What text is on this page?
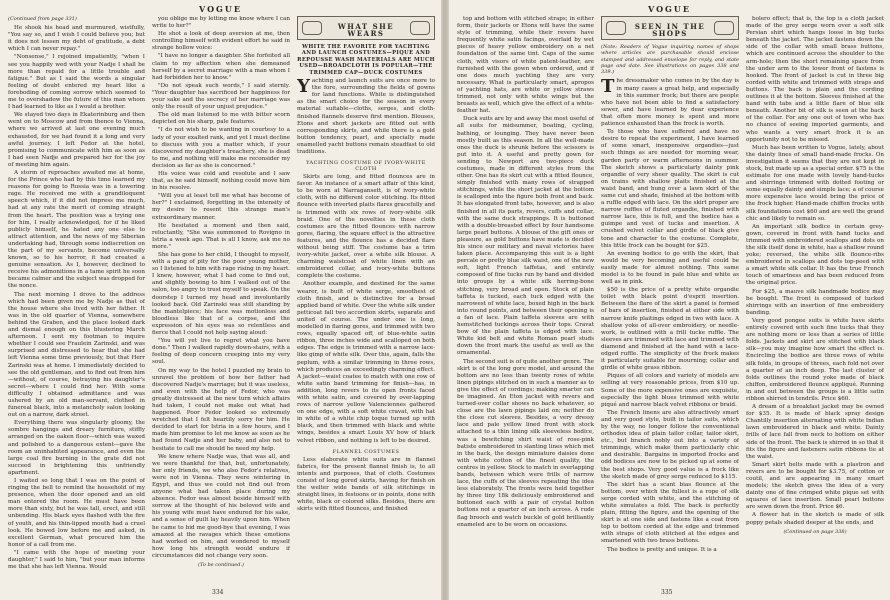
VOGUE
(Continued from page 331)

He shook his head and murmured, wistfully, "You say so, and I wish I could believe you; but it does not lessen my debt of gratitude, a debt which I can never repay."

"Nonsense," I rejoined impatiently, "when I see you happily wed with your Nadje I shall be more than repaid for a little trouble and fatigue." But as I said the words a singular feeling of doubt entered my heart like a foreboding of coming sorrow which seemed to me to overshadow the future of this man whom I had learned to like as I would a brother.

We stayed two days in Ekaterinburg and then went on to Moscow and from thence to Vienna, where we arrived at last one evening much exhausted, for we had found it a long and very awful journey. I left Fedor at the hotel, promising to communicate with him as soon as I had seen Nadje and prepared her for the joy of meeting him again.

A storm of reproaches awaited me at home, for the Prince who had by this time learned my reasons for going to Russia was in a towering rage. He received me with a grandiloquent speech which, if it did not impress me much, had at any rate the merit of coming straight from the heart. The position was a trying one for him, I really acknowledged, for if he liked publicly himself, he hated any one else to attract attention, and the news of my Siberian undertaking had, through some indiscretion on the part of my servants, become universally known, so to his horror, it had created a genuine sensation. As I, however, declined to receive his admonitions in a tame spirit he soon became calmer and the subject was dropped for the nonce.

The next morning I drove to the address which had been given me by Nadje as that of the house where she lived with her father. It was in the old quarter of Vienna, somewhere behind the Graben, and the place looked dark and dismal enough on this blustering March afternoon. I sent my footman to inquire whether I could see Fraulein Zarinski, and was surprised and distressed to hear that she had left Vienna some time previously, but that Herr Zarinski was at home. I immediately decided to see the old gentleman, and to find out from him—without, of course, betraying his daughter's secret—where I could find her. With some difficulty I obtained admittance and was ushered by an old man-servant, clothed in funereal black, into a melancholy salon looking out on a narrow, dark street.

Everything there was singularly gloomy, the sombre hangings and dreary furniture, stiffly arranged on the oaken floor—which was waxed and polished to a dangerous extent—gave the room an uninhabited appearance, and even the large coal fire burning in the grate did not succeed in brightening this unfriendly apartment.

I waited so long that I was on the point of ringing the bell to remind the household of my presence, when the door opened and an old man entered the room. He must have been more than sixty, but he was tall, erect, and still unbending. His black eyes flashed with the fire of youth, and his thin-lipped mouth had a cruel look. He bowed low before me and asked, in excellent German, what procured him the honor of a call from me.

"I came with the hope of meeting your daughter," I said to him, "but your man informs me that she has left Vienna. Would

you oblige me by letting me know where I can write to her?"

He shot a look of deep aversion at me, then controlling himself with evident effort he said in strange hollow voice:

"I have no longer a daughter. She forfeited all claim to my affection when she demeaned herself by a secret marriage with a man whom I had forbidden her to know."

"Do not speak such words," I said sternly. "Your daughter has sacrificed her happiness for your sake and the secrecy of her marriage was only the result of your unjust prejudice."

The old man listened to me with bitter scorn depicted on his sharp, pale features.

"I do not wish to be wanting in courtesy to a lady of your exalted rank, and yet I must decline to discuss with you a matter which, if your discovered my daughter's treachery, she is dead to me, and nothing will make me reconsider my decision as far as she is concerned."

His voice was cold and resolute and I saw that, as he said himself, nothing could move him in his resolve.

"Will you at least tell me what has become of her?" I exclaimed, forgetting in the intensity of my desire to resent this strange man's extraordinary manner.

He hesitated a moment and then said, reluctantly, "She was summoned to Rovigno in Istria a week ago. That is all I know, ask me no more."

She has gone to her child, I thought to myself, with a pang of pity for the poor young mother, so I listened to him with rage rising in my heart. I knew, however, what I had come to find out, and slightly bowing to him I walked out of the salon, too angry to trust myself to speak. On the doorstep I turned my head and involuntarily looked back. Old Zarinski was still standing by the mantelpiece; his face was motionless and bloodless like that of a corpse, and the expression of his eyes was so relentless and fierce that I could not help saying aloud:

"You will yet live to regret what you have done." Then I walked rapidly down-stairs, with a feeling of deep concern creeping into my very soul.

On my way to the hotel I puzzled my brain to unravel the problem of how her father had discovered Nadje's marriage; but it was useless, and even with the help of Fedor, who was greatly distressed at the new turn which affairs had taken, I could not make out what had happened. Poor Fedor looked so extremely wretched that I felt heartily sorry for him. He decided to start for Istria in a few hours, and I made him promise to let me know as soon as he had found Nadje and her baby, and also not to hesitate to call me should he need my help.

We knew where Nadje was, that was all, and we were thankful for that, but, unfortunately, her only friends, we who also Fedor's relatives, were not in Vienna. They were wintering in Egypt, and thus we could not find out from anyone what had taken place during my absence. Fedor was almost beside himself with sorrow at the thought of his beloved wife and his young wife must have endured for his sake, and a sense of guilt lay heavily upon him. When he came to bid me good-bye that evening, I was amazed at the ravages which these emotions had worked on him, and wondered to myself how long his strength would endure if circumstances did not change very soon.

(To be continued.)
WHAT SHE WEARS
WHITE THE FAVORITE FOR YACHTING AND LAUNCH COSTUMES—PIQUE AND REPOUSSE WASH MATERIALS ARE MUCH USED—BROADCLOTH IS POPULAR—THE TRIMMED CAP—DUCK COSTUMES

Yachting and launch suits are once more to the fore, surrounding the fields of gowns for land functions. White is distinguished as the smart choice for the season in every material suitable—cloths, serges, and cloth-finished flannels deserve first mention. Blouses, Etons and short jackets are fitted out with corresponding skirts, and while there is a gold button tendency, pearl, and specially made enamelled yacht buttons remain steadfast to old traditions.

YACHTING COSTUME OF IVORY-WHITE CLOTH

Skirts are long, and fitted flounces are in favor. An instance of a smart affair of this kind, to be worn at Narragansett, is of ivory-white cloth, with no different color stitching. Its fitted flounce with inverted plaits flares gracefully and is trimmed with six rows of ivory-white silk braid. One of the novelties in these cloth costumes are the fitted flounces with narrow gores, flaring, the square effect is the attractive features, and the flounce has a decided flare without being stiff. The costume has a trim ivory-white jacket, over a white silk blouse. A charming waistcoat of white linen with an embroidered collar, and ivory-white buttons complete the costume.

Another example, and destined for the same wearer, is built of white serge, smoothest of cloth finish, and is distinctive for a broad applied band of white. Over the white silk under petticoat fall two accordion skirts, separate and united of course. The under one is long, modelled in flaring gores, and trimmed with two rows, equally spaced off, of blue-white satin ribbon, three inches wide and scalloped on both edges. The edge is trimmed with a narrow lace-like gimp of white silk. Over this, again, falls the peplum, with a similar trimming in three rows, which produces an exceedingly charming effect. A jacket—waist coatee to match with one row of white satin band trimming for finish—has, in addition, long revers to its open fronts faced with white satin, and covered by over-lapping rows of narrow yellow Valenciennes gathered on one edge, with a soft white cravat, with hat in white of a white chip toque turned up with black, and then trimmed with black and white wings, besides a smart Louis XV bow of black velvet ribbon, and nothing is left to be desired.

FLANNEL COSTUMES

Less elaborate white suits are in flannel fabrics, for the present flannel finish is, to all intents and purposes, that of cloth. Costumes consist of long gored skirts, having for finish on the welter wide bands of silk stitchings in straight lines, in festoons or in points, done with white, black or colored silks. Besides, there are skirts with fitted flounces, and finished

334
VOGUE

top and bottom with stitched straps; in either form, their jackets or Etons will have the same style of trimming, while their revers have frequently white satin facings, overlaid by wet pieces of heavy yellow embroidery on a net foundation of the same tint. Caps of the same cloth, with visors of white patent-leather, are furnished with the gown when ordered, and if one does much yachting they are very necessary. What is particularly smart, apropos of yachting hats, are white or yellow straws trimmed, not only with white wings but the breasts as well, which give the effect of a white-feather hat.

Duck suits are by and away the most useful of all suits for midsummer, boating, cycling, bathing, or lounging. They have never been mostly built as this season. In all the well-made ones the duck is shrunk before the scissors is put into it. A useful and pretty gown for sending to Newport are two-piece duck costumes, made in different styles from the other. One has its skirt cut with a fitted flounce, simply finished with many rows of strapped stitchings, while the short jacket at the bottom is scalloped into the figure both front and back. It has elongated front tabs, however, and is also finished in all its parts, revers, cuffs and collar, with the same duck strappings. It is buttoned with a double-breasted effect by four handsome large pearl buttons. A blouse of the gift ones or pleasure, as gold buttons have made is decided his since our military and naval victories have taken place. Accompanying this suit is a light percale or pretty blue silk waist, one of the new soft, light French taffetas, and entirely composed of fine tucks run by hand and divided into groups by a white silk herring-bone stitching, very broad and open. Stock of plain taffeta is tucked, each tuck edged with the narrowest of white lace, boxed high in the back into round points, and between their opening is a fan of lace. Plain taffeta sleeves are with hemstitched tuckings across their tops. Cravat bow of the plain taffeta is edged with lace. White kid belt and white Roman pearl studs down the front mark the useful as well as the ornamental.

The second suit is of quite another genre. The skirt is of the long gore model, and around the bottom are no less than twenty rows of white linen pipings stitched on in such a manner as to give the effect of cordings; making smarter can be imagined. An Eton jacket with revers and turned-over collar shows no back whatever, so close are the lawn pipings laid on; neither do the close cut sleeves. Besides, a very dressy lace and pale yellow lined front with stock attached to a thin lining silk sleeveless bodice, was a bewitching shirt waist of rose-pink batiste embroidered in slanting lines which met in the back, the design miniature daisies done with white cotton of the finest quality, the centres in yellow. Stock to match in overlapping bands, between which were frills of narrow lace, the cuffs of the sleeves repeating the idea less elaborately. The fronts were held together by three tiny 18k deliciously embroidered and buttoned each with a pair of crystal button buttons not a quarter of an inch across. A rude flag brooch and watch buckle of gold brilliantly enameled are to be worn on occasions.

SEEN IN THE SHOPS
(Note: Readers of Vogue inquiring names of shops where articles are purchasable should enclose stamped and addressed envelope for reply, and state page and date. See illustrations on pages 338 and 339.)

The dressmaker who comes in by the day is in many cases a great help, and especially in this summer frock; but there are people who have not been able to find a satisfactory sewer, and have learned by dear experience that often more money is spent and more patience exhausted than the frock is worth.

To those who have suffered and have no desire to repeat the experiment, I have learned of some smart, inexpensive organdies—just such things as are needed for morning wear, garden party or warm afternoons in summer. The sketch shows a particularly dainty pink organdie of very sheer quality. The skirt is cut on trains with shallow plaits finished at the waist band, and hung over a lawn skirt of the same cut and shade, finished at the bottom with a ruffle edged with lace. On the skirt proper are narrow ruffles of fluted organdie, finished with narrow lace, this is full, and the bodice has a guimpe and vest of tucks and insertion. A crushed velvet collar and girdle of black give tone and character to the costume. Complete, this little frock can be bought for $25.

An evening bodice to go with the skirt, that would be very becoming and useful could be easily made for almost nothing. This same model is to be found in pale blue and white as well as in pink.

$50 is the price of a pretty white organdie toilet with black point d'esprit insertion. Between the flare of the skirt a panel is formed of bars of insertion, finished at either side with narrow knife plaitings edged in two with lace. A shallow yoke of all-over embroidery, or needle-work, is outlined with a frill tucke ruffle. The sleeves are trimmed with lace and trimmed with diamond and finished at the hand with a lace-edged ruffle. The simplicity of the frock makes it particularly suitable for mourning; collar and girdle of white grass ribbon.

Piques of all colors and variety of models are selling at very reasonable prices, from $10 up. Some of the more expensive ones are exquisite, especially the light blues trimmed with white piqué and narrow black velvet ribbons or braid.

The French linens are also attractively smart and very good style, built in tailor suits, which by the way, no longer follow the conventional orthodox idea of plain tailor collar, tailor skirt, etc., but branch nobly out into a variety of trimmings, which make them particularly chic and desirable. Bargains in imported frocks and odd bodices are now to be picked up at some of the best shops. Very good value is a frock like the sketch made of grey serge reduced to $115.

The skirt has a scant bias flounce at the bottom, over which the fullest is a rope of silk serge corded with white, and the stitching of white simulates a fold. The back is perfectly plain, fitting the figure, and the opening of the skirt is at one side and fastens like a coat from top to bottom corded at the edge and trimmed with straps of cloth stitched at the edges and smartened with two brass buttons.

The bodice is pretty and unique. It is a

bolero effect; that is, the top is a cloth jacket made of the grey serge worn over a soft silk Persian shirt which hangs loose in big tucks beneath the jacket. The jacket fastens down the side of the collar with small brass buttons, which are continued across the shoulder to the arm-hole; then the short remaining space from the under arm to the lower front of fastens is hooked. The front of jacket is cut in three big corded with white and trimmed with straps and buttons. The back is plain and the cording outlines it at the bottom. Sleeves finished at the hand with tabs and a little flare of blue silk beneath. Another bit of silk is seen at the back of the collar. For any one out of town who has no chance of seeing imported garments, and who wants a very smart frock it is an opportunity not to be missed.

Much has been written to Vogue, lately, about the dainty lines of small hand-made frocks. On investigation it seems that they are not kept in stock, but made up as a special order. $75 is the estimate for one made with lovely hand-tucks and shirrings trimmed with dotted footing or some equally dainty and simple lace; a of course more expensive lace would bring the price of the frock higher. Hand-made chiffon frocks with silk foundations cost $60 and are well the grand chic and likely to remain so.

An important silk bodice in certain grey-gown, covered in front with hand tucks and trimmed with embroidered scallops and dots on the silk itself done in white, has a shallow round yoke; reversed, the white silk flounce-ribs embroidered in scallops and dots top-peed with a smart white silk collar. It has the true French touch of smartness and has been reduced from the original price.

For $25, a mauve silk handmade bodice may be bought. The front is composed of tucked shirrings with an insertion of fine embroidery banding.

Very good pongee suits is white have skirts entirely covered with such fine tucks that they are nothing more or less than a series of little folds. Jackets and skirt are stitched with black silk—you may imagine how smart the effect is. Encircling the bodice are three rows of white silk folds, in groups of threes, each fold not over a quarter of an inch deep. The last cluster of folds outlines the round yoke made of black chiffon, embroidered flounce appliqué. Running in and out between the groups is a little satin ribbon shirred in tendrils. Price $60.

A dream of a breakfast jacket may be owned for $35. It is made of black spray design Chantilly insertion alternating with white Indian lawn embroidered in black and white. Dainty frills of lace fall from neck to bottom on either side of the front. The back is shirred in so that it fits the figure and fasteners satin ribbons tie at the waist.

Smart skirt belts made with a plastron and revers are to be bought for $3.75, of cotton or coutil, and are appearing in many smart models; the sketch gives the idea of a very dainty one of fine crimped white pique set with squares of lace insertion. Small pearl buttons are sewn down the front. Price $6.

A flower hat in the sketch is made of silk poppy petals shaded deeper at the ends, and

(Continued on page 338)
335
